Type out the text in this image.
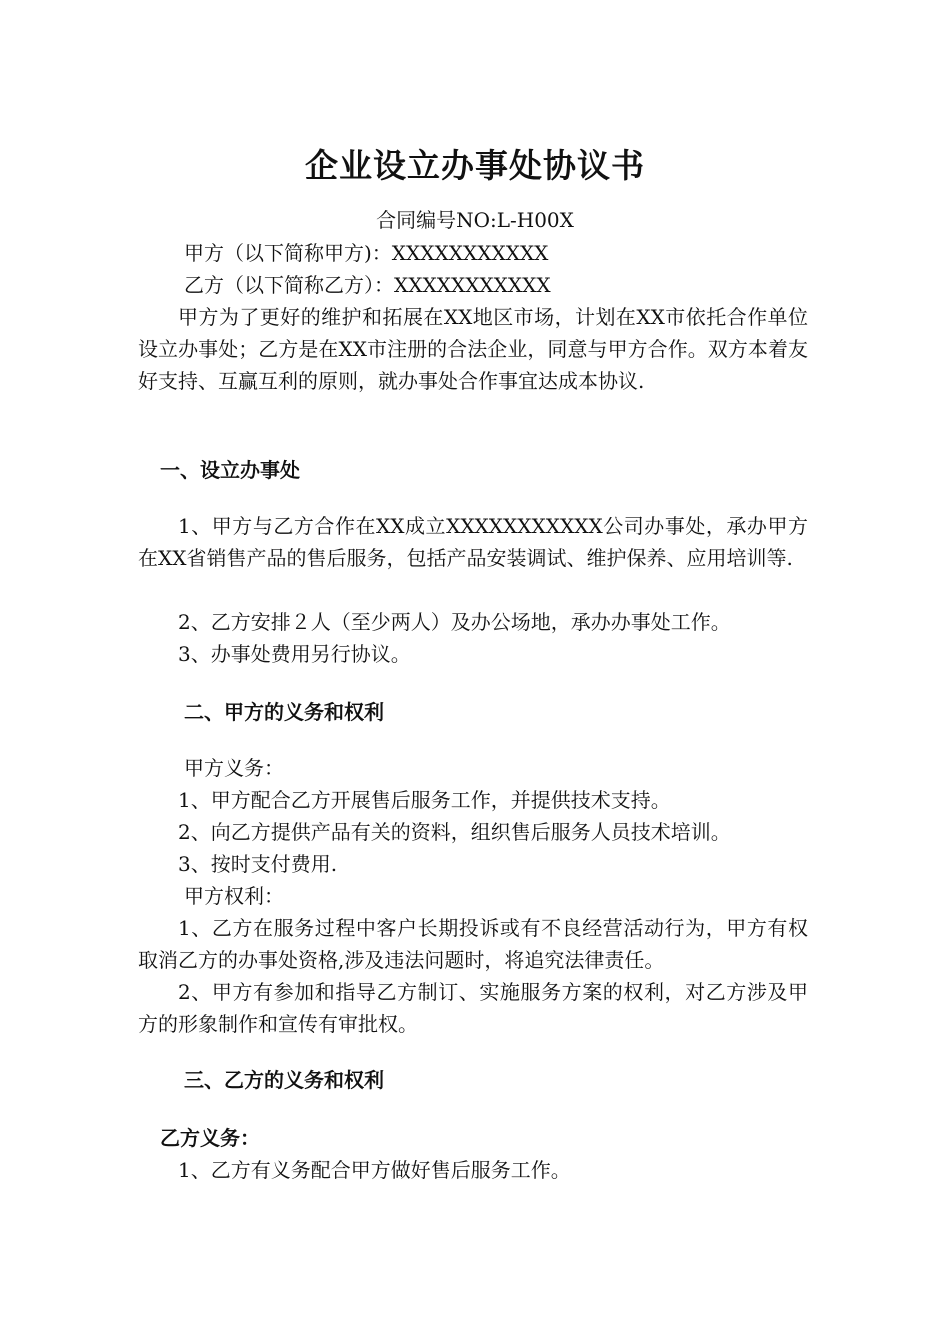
企业设立办事处协议书
合同编号NO:L-H00X
甲方（以下简称甲方)：XXXXXXXXXXX
乙方（以下简称乙方）：XXXXXXXXXXX
甲方为了更好的维护和拓展在XX地区市场，计划在XX市依托合作单位设立办事处；乙方是在XX市注册的合法企业，同意与甲方合作。双方本着友好支持、互赢互利的原则，就办事处合作事宜达成本协议.
一、设立办事处
1、甲方与乙方合作在XX成立XXXXXXXXXXX公司办事处，承办甲方在XX省销售产品的售后服务，包括产品安装调试、维护保养、应用培训等.
2、乙方安排２人（至少两人）及办公场地，承办办事处工作。
3、办事处费用另行协议。
二、甲方的义务和权利
甲方义务：
1、甲方配合乙方开展售后服务工作，并提供技术支持。
2、向乙方提供产品有关的资料，组织售后服务人员技术培训。
3、按时支付费用.
甲方权利：
1、乙方在服务过程中客户长期投诉或有不良经营活动行为，甲方有权取消乙方的办事处资格,涉及违法问题时，将追究法律责任。
2、甲方有参加和指导乙方制订、实施服务方案的权利，对乙方涉及甲方的形象制作和宣传有审批权。
三、乙方的义务和权利
乙方义务：
1、乙方有义务配合甲方做好售后服务工作。
